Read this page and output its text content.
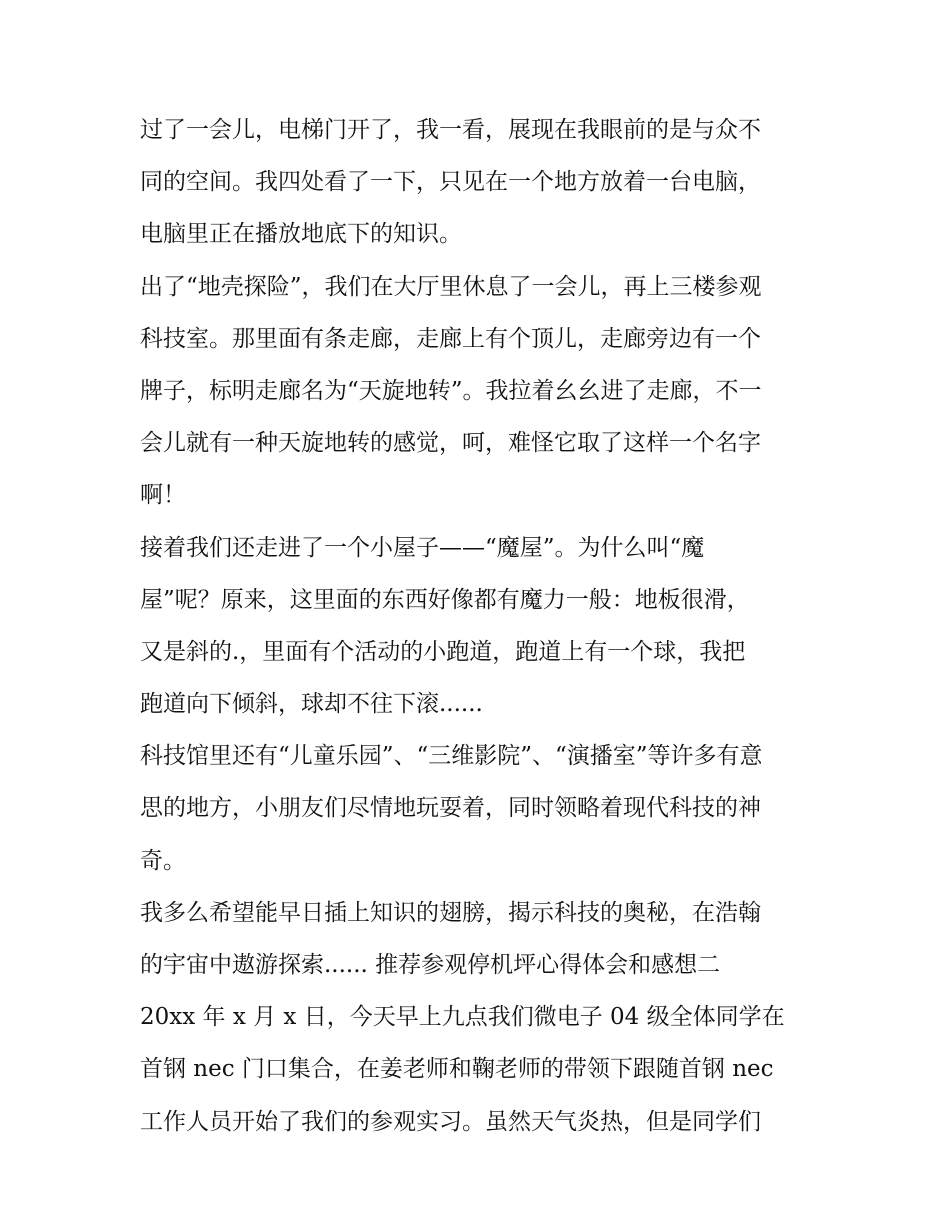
过了一会儿，电梯门开了，我一看，展现在我眼前的是与众不
同的空间。我四处看了一下，只见在一个地方放着一台电脑，
电脑里正在播放地底下的知识。
出了“地壳探险”，我们在大厅里休息了一会儿，再上三楼参观
科技室。那里面有条走廊，走廊上有个顶儿，走廊旁边有一个
牌子，标明走廊名为“天旋地转”。我拉着幺幺进了走廊，不一
会儿就有一种天旋地转的感觉，呵，难怪它取了这样一个名字
啊！
接着我们还走进了一个小屋子——“魔屋”。为什么叫“魔
屋”呢？原来，这里面的东西好像都有魔力一般：地板很滑，
又是斜的.，里面有个活动的小跑道，跑道上有一个球，我把
跑道向下倾斜，球却不往下滚......
科技馆里还有“儿童乐园”、“三维影院”、“演播室”等许多有意
思的地方，小朋友们尽情地玩耍着，同时领略着现代科技的神
奇。
我多么希望能早日插上知识的翅膀，揭示科技的奥秘，在浩翰
的宇宙中遨游探索...... 推荐参观停机坪心得体会和感想二
20xx 年 x 月 x 日，今天早上九点我们微电子 04 级全体同学在
首钢 nec 门口集合，在姜老师和鞠老师的带领下跟随首钢 nec
工作人员开始了我们的参观实习。虽然天气炎热，但是同学们
